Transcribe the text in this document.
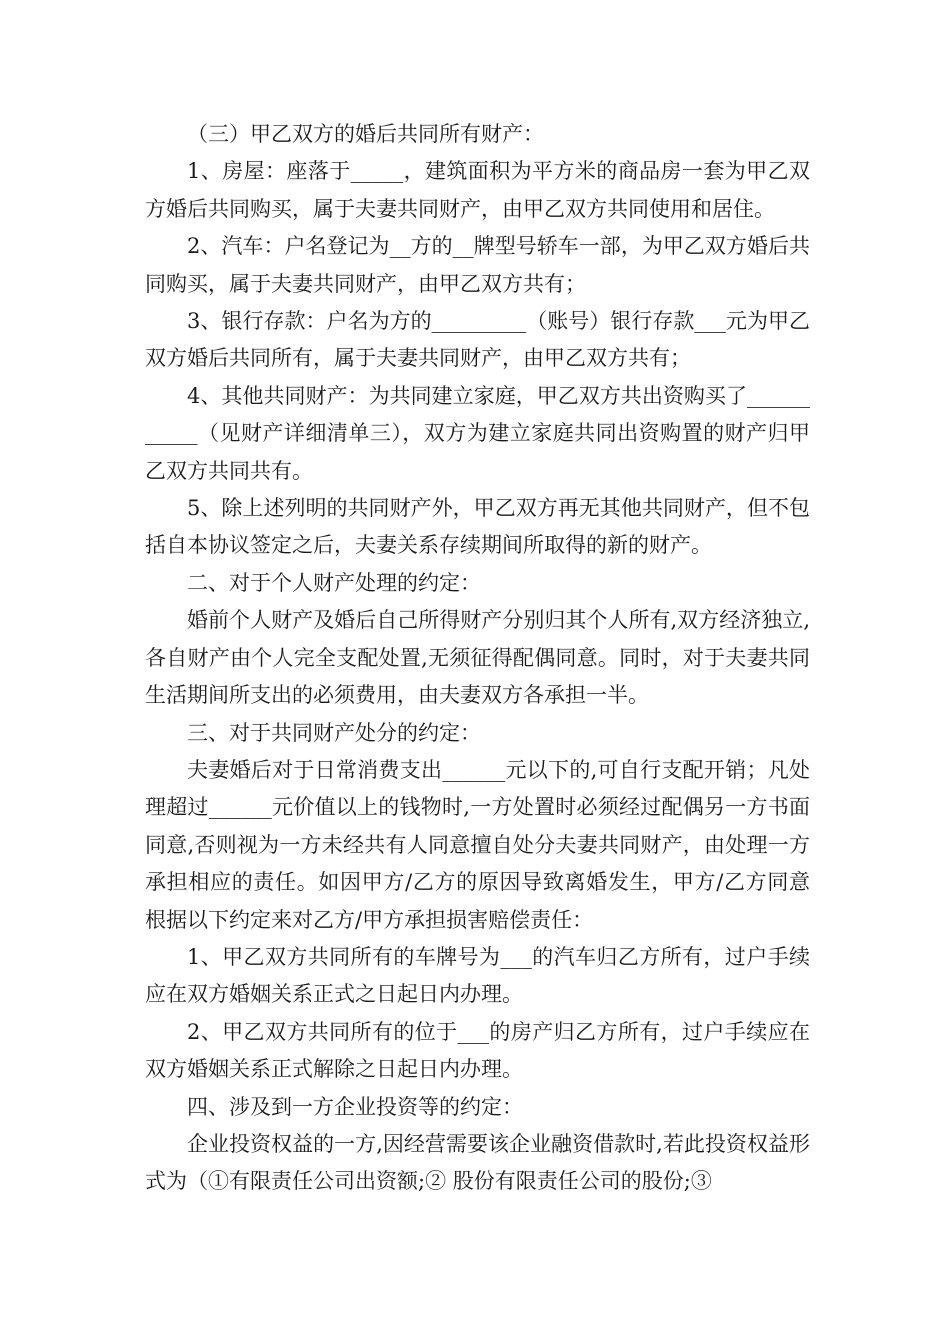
（三）甲乙双方的婚后共同所有财产：

1、房屋：座落于_____，建筑面积为平方米的商品房一套为甲乙双方婚后共同购买，属于夫妻共同财产，由甲乙双方共同使用和居住。

2、汽车：户名登记为__方的__牌型号轿车一部，为甲乙双方婚后共同购买，属于夫妻共同财产，由甲乙双方共有；

3、银行存款：户名为方的_________（账号）银行存款___元为甲乙双方婚后共同所有，属于夫妻共同财产，由甲乙双方共有；

4、其他共同财产：为共同建立家庭，甲乙双方共出资购买了___________（见财产详细清单三），双方为建立家庭共同出资购置的财产归甲乙双方共同共有。

5、除上述列明的共同财产外，甲乙双方再无其他共同财产，但不包括自本协议签定之后，夫妻关系存续期间所取得的新的财产。

二、对于个人财产处理的约定：

婚前个人财产及婚后自己所得财产分别归其个人所有,双方经济独立,各自财产由个人完全支配处置,无须征得配偶同意。同时，对于夫妻共同生活期间所支出的必须费用，由夫妻双方各承担一半。

三、对于共同财产处分的约定：

夫妻婚后对于日常消费支出______元以下的,可自行支配开销；凡处理超过______元价值以上的钱物时,一方处置时必须经过配偶另一方书面同意,否则视为一方未经共有人同意擅自处分夫妻共同财产，由处理一方承担相应的责任。如因甲方/乙方的原因导致离婚发生，甲方/乙方同意根据以下约定来对乙方/甲方承担损害赔偿责任：

1、甲乙双方共同所有的车牌号为___的汽车归乙方所有，过户手续应在双方婚姻关系正式之日起日内办理。

2、甲乙双方共同所有的位于___的房产归乙方所有，过户手续应在双方婚姻关系正式解除之日起日内办理。

四、涉及到一方企业投资等的约定：

企业投资权益的一方,因经营需要该企业融资借款时,若此投资权益形式为（①有限责任公司出资额;② 股份有限责任公司的股份;③
